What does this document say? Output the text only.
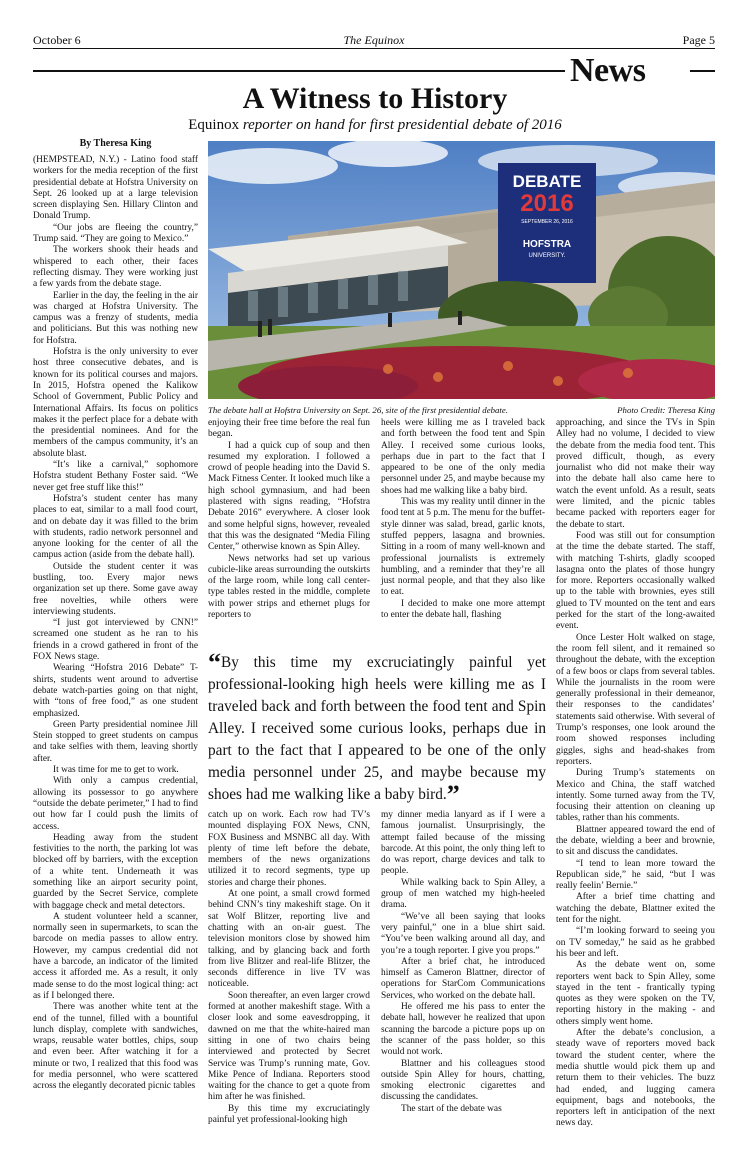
October 6	The Equinox	Page 5
News
A Witness to History
Equinox reporter on hand for first presidential debate of 2016
By Theresa King

(HEMPSTEAD, N.Y.) - Latino food staff workers for the media reception of the first presidential debate at Hofstra University on Sept. 26 looked up at a large television screen displaying Sen. Hillary Clinton and Donald Trump.

“Our jobs are fleeing the country,” Trump said. “They are going to Mexico.”

The workers shook their heads and whispered to each other, their faces reflecting dismay. They were working just a few yards from the debate stage.

Earlier in the day, the feeling in the air was charged at Hofstra University. The campus was a frenzy of students, media and politicians. But this was nothing new for Hofstra.

Hofstra is the only university to ever host three consecutive debates, and is known for its political courses and majors. In 2015, Hofstra opened the Kalikow School of Government, Public Policy and International Affairs. Its focus on politics makes it the perfect place for a debate with the presidential nominees. And for the members of the campus community, it’s an absolute blast.

“It’s like a carnival,” sophomore Hofstra student Bethany Foster said. “We never get free stuff like this!”

Hofstra’s student center has many places to eat, similar to a mall food court, and on debate day it was filled to the brim with students, radio network personnel and anyone looking for the center of all the campus action (aside from the debate hall).

Outside the student center it was bustling, too. Every major news organization set up there. Some gave away free novelties, while others were interviewing students.

“I just got interviewed by CNN!” screamed one student as he ran to his friends in a crowd gathered in front of the FOX News stage.

Wearing “Hofstra 2016 Debate” T-shirts, students went around to advertise debate watch-parties going on that night, with “tons of free food,” as one student emphasized.

Green Party presidential nominee Jill Stein stopped to greet students on campus and take selfies with them, leaving shortly after.

It was time for me to get to work.

With only a campus credential, allowing its possessor to go anywhere “outside the debate perimeter,” I had to find out how far I could push the limits of access.

Heading away from the student festivities to the north, the parking lot was blocked off by barriers, with the exception of a white tent. Underneath it was something like an airport security point, guarded by the Secret Service, complete with baggage check and metal detectors.

A student volunteer held a scanner, normally seen in supermarkets, to scan the barcode on media passes to allow entry. However, my campus credential did not have a barcode, an indicator of the limited access it afforded me. As a result, it only made sense to do the most logical thing: act as if I belonged there.

There was another white tent at the end of the tunnel, filled with a bountiful lunch display, complete with sandwiches, wraps, reusable water bottles, chips, soup and even beer. After watching it for a minute or two, I realized that this food was for media personnel, who were scattered across the elegantly decorated picnic tables

DEBATE
2016
SEPTEMBER 26, 2016
HOFSTRA
UNIVERSITY.
The debate hall at Hofstra University on Sept. 26, site of the first presidential debate.	Photo Credit: Theresa King

enjoying their free time before the real fun began.

I had a quick cup of soup and then resumed my exploration. I followed a crowd of people heading into the David S. Mack Fitness Center. It looked much like a high school gymnasium, and had been plastered with signs reading, “Hofstra Debate 2016” everywhere. A closer look and some helpful signs, however, revealed that this was the designated “Media Filing Center,” otherwise known as Spin Alley.

News networks had set up various cubicle-like areas surrounding the outskirts of the large room, while long call center-type tables rested in the middle, complete with power strips and ethernet plugs for reporters to

heels were killing me as I traveled back and forth between the food tent and Spin Alley. I received some curious looks, perhaps due in part to the fact that I appeared to be one of the only media personnel under 25, and maybe because my shoes had me walking like a baby bird.

This was my reality until dinner in the food tent at 5 p.m. The menu for the buffet-style dinner was salad, bread, garlic knots, stuffed peppers, lasagna and brownies. Sitting in a room of many well-known and professional journalists is extremely humbling, and a reminder that they’re all just normal people, and that they also like to eat.

I decided to make one more attempt to enter the debate hall, flashing

“By this time my excruciatingly painful yet professional-looking high heels were killing me as I traveled back and forth between the food tent and Spin Alley. I received some curious looks, perhaps due in part to the fact that I appeared to be one of the only media personnel under 25, and maybe because my shoes had me walking like a baby bird.”

catch up on work. Each row had TV’s mounted displaying FOX News, CNN, FOX Business and MSNBC all day. With plenty of time left before the debate, members of the news organizations utilized it to record segments, type up stories and charge their phones.

At one point, a small crowd formed behind CNN’s tiny makeshift stage. On it sat Wolf Blitzer, reporting live and chatting with an on-air guest. The television monitors close by showed him talking, and by glancing back and forth from live Blitzer and real-life Blitzer, the seconds difference in live TV was noticeable.

Soon thereafter, an even larger crowd formed at another makeshift stage. With a closer look and some eavesdropping, it dawned on me that the white-haired man sitting in one of two chairs being interviewed and protected by Secret Service was Trump’s running mate, Gov. Mike Pence of Indiana. Reporters stood waiting for the chance to get a quote from him after he was finished.

By this time my excruciatingly painful yet professional-looking high

my dinner media lanyard as if I were a famous journalist. Unsurprisingly, the attempt failed because of the missing barcode. At this point, the only thing left to do was report, charge devices and talk to people.

While walking back to Spin Alley, a group of men watched my high-heeled drama.

“We’ve all been saying that looks very painful,” one in a blue shirt said. “You’ve been walking around all day, and you’re a tough reporter. I give you props.”

After a brief chat, he introduced himself as Cameron Blattner, director of operations for StarCom Communications Services, who worked on the debate hall.

He offered me his pass to enter the debate hall, however he realized that upon scanning the barcode a picture pops up on the scanner of the pass holder, so this would not work.

Blattner and his colleagues stood outside Spin Alley for hours, chatting, smoking electronic cigarettes and discussing the candidates.

The start of the debate was

approaching, and since the TVs in Spin Alley had no volume, I decided to view the debate from the media food tent. This proved difficult, though, as every journalist who did not make their way into the debate hall also came here to watch the event unfold. As a result, seats were limited, and the picnic tables became packed with reporters eager for the debate to start.

Food was still out for consumption at the time the debate started. The staff, with matching T-shirts, gladly scooped lasagna onto the plates of those hungry for more. Reporters occasionally walked up to the table with brownies, eyes still glued to TV mounted on the tent and ears perked for the start of the long-awaited event.

Once Lester Holt walked on stage, the room fell silent, and it remained so throughout the debate, with the exception of a few boos or claps from several tables. While the journalists in the room were generally professional in their demeanor, their responses to the candidates’ statements said otherwise. With several of Trump’s responses, one look around the room showed responses including giggles, sighs and head-shakes from reporters.

During Trump’s statements on Mexico and China, the staff watched intently. Some turned away from the TV, focusing their attention on cleaning up tables, rather than his comments.

Blattner appeared toward the end of the debate, wielding a beer and brownie, to sit and discuss the candidates.

“I tend to lean more toward the Republican side,” he said, “but I was really feelin’ Bernie.”

After a brief time chatting and watching the debate, Blattner exited the tent for the night.

“I’m looking forward to seeing you on TV someday,” he said as he grabbed his beer and left.

As the debate went on, some reporters went back to Spin Alley, some stayed in the tent - frantically typing quotes as they were spoken on the TV, reporting history in the making - and others simply went home.

After the debate’s conclusion, a steady wave of reporters moved back toward the student center, where the media shuttle would pick them up and return them to their vehicles. The buzz had ended, and lugging camera equipment, bags and notebooks, the reporters left in anticipation of the next news day.
